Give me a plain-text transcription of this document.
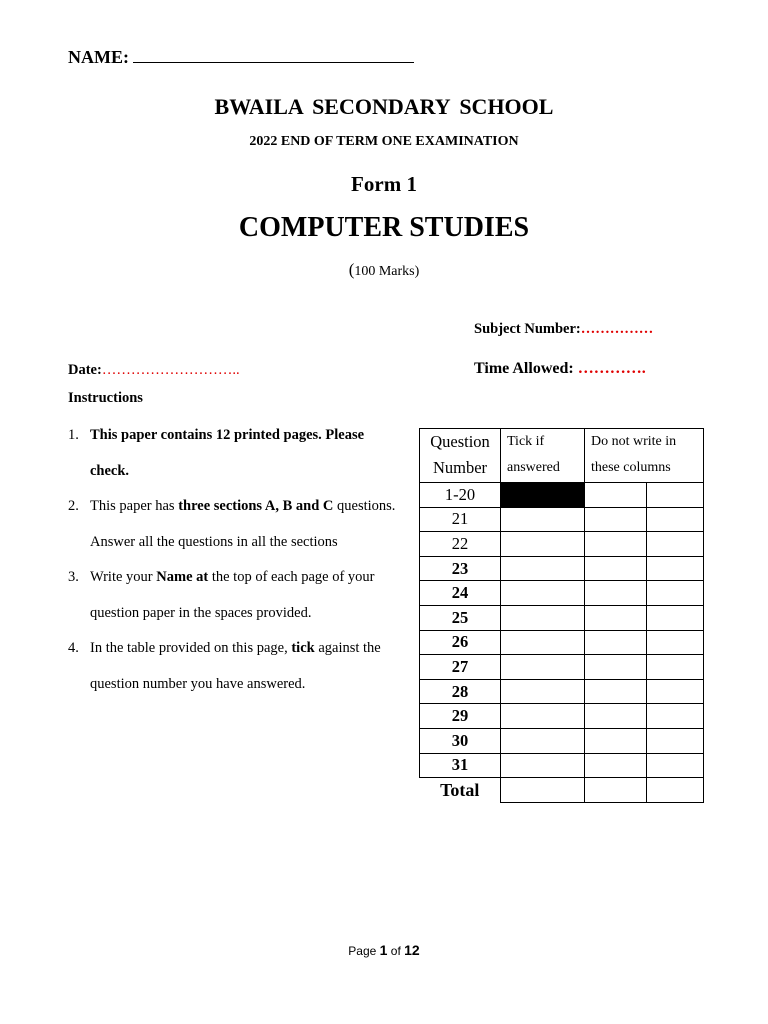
NAME:
BWAILA SECONDARY SCHOOL
2022 END OF TERM ONE EXAMINATION
Form 1
COMPUTER STUDIES
(100 Marks)
Subject Number:……………
Date:………………………..	Time Allowed: ………….
Instructions
1. This paper contains 12 printed pages. Please check.
2. This paper has three sections A, B and C questions. Answer all the questions in all the sections
3. Write your Name at the top of each page of your question paper in the spaces provided.
4. In the table provided on this page, tick against the question number you have answered.
Question Number	Tick if answered	Do not write in these columns	
1-20			
21			
22			
23			
24			
25			
26			
27			
28			
29			
30			
31			
Total			
Page 1 of 12
